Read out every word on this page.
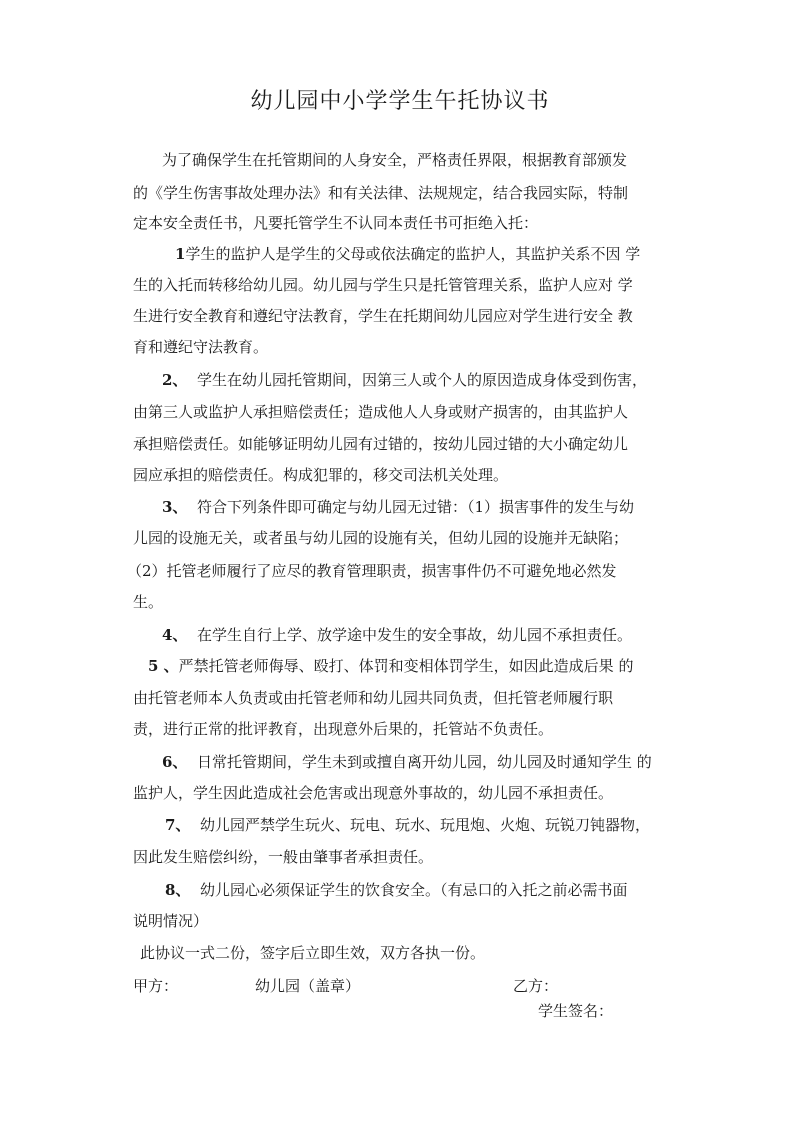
幼儿园中小学学生午托协议书
为了确保学生在托管期间的人身安全，严格责任界限，根据教育部颁发
的《学生伤害事故处理办法》和有关法律、法规规定，结合我园实际，特制
定本安全责任书，凡要托管学生不认同本责任书可拒绝入托：
1学生的监护人是学生的父母或依法确定的监护人，其监护关系不因 学
生的入托而转移给幼儿园。幼儿园与学生只是托管管理关系，监护人应对 学
生进行安全教育和遵纪守法教育，学生在托期间幼儿园应对学生进行安全 教
育和遵纪守法教育。
2、 学生在幼儿园托管期间，因第三人或个人的原因造成身体受到伤害，
由第三人或监护人承担赔偿责任；造成他人人身或财产损害的，由其监护人
承担赔偿责任。如能够证明幼儿园有过错的，按幼儿园过错的大小确定幼儿
园应承担的赔偿责任。构成犯罪的，移交司法机关处理。
3、 符合下列条件即可确定与幼儿园无过错：（1）损害事件的发生与幼
儿园的设施无关，或者虽与幼儿园的设施有关，但幼儿园的设施并无缺陷；
（2）托管老师履行了应尽的教育管理职责，损害事件仍不可避免地必然发
生。
4、 在学生自行上学、放学途中发生的安全事故，幼儿园不承担责任。
5 、严禁托管老师侮辱、殴打、体罚和变相体罚学生，如因此造成后果 的
由托管老师本人负责或由托管老师和幼儿园共同负责，但托管老师履行职
责，进行正常的批评教育，出现意外后果的，托管站不负责任。
6、 日常托管期间，学生未到或擅自离开幼儿园，幼儿园及时通知学生 的
监护人，学生因此造成社会危害或出现意外事故的，幼儿园不承担责任。
7、 幼儿园严禁学生玩火、玩电、玩水、玩甩炮、火炮、玩锐刀钝器物，
因此发生赔偿纠纷，一般由肇事者承担责任。
8、 幼儿园心必须保证学生的饮食安全。（有忌口的入托之前必需书面
说明情况）
此协议一式二份，签字后立即生效，双方各执一份。
甲方：	幼儿园（盖章）	乙方：
学生签名：
